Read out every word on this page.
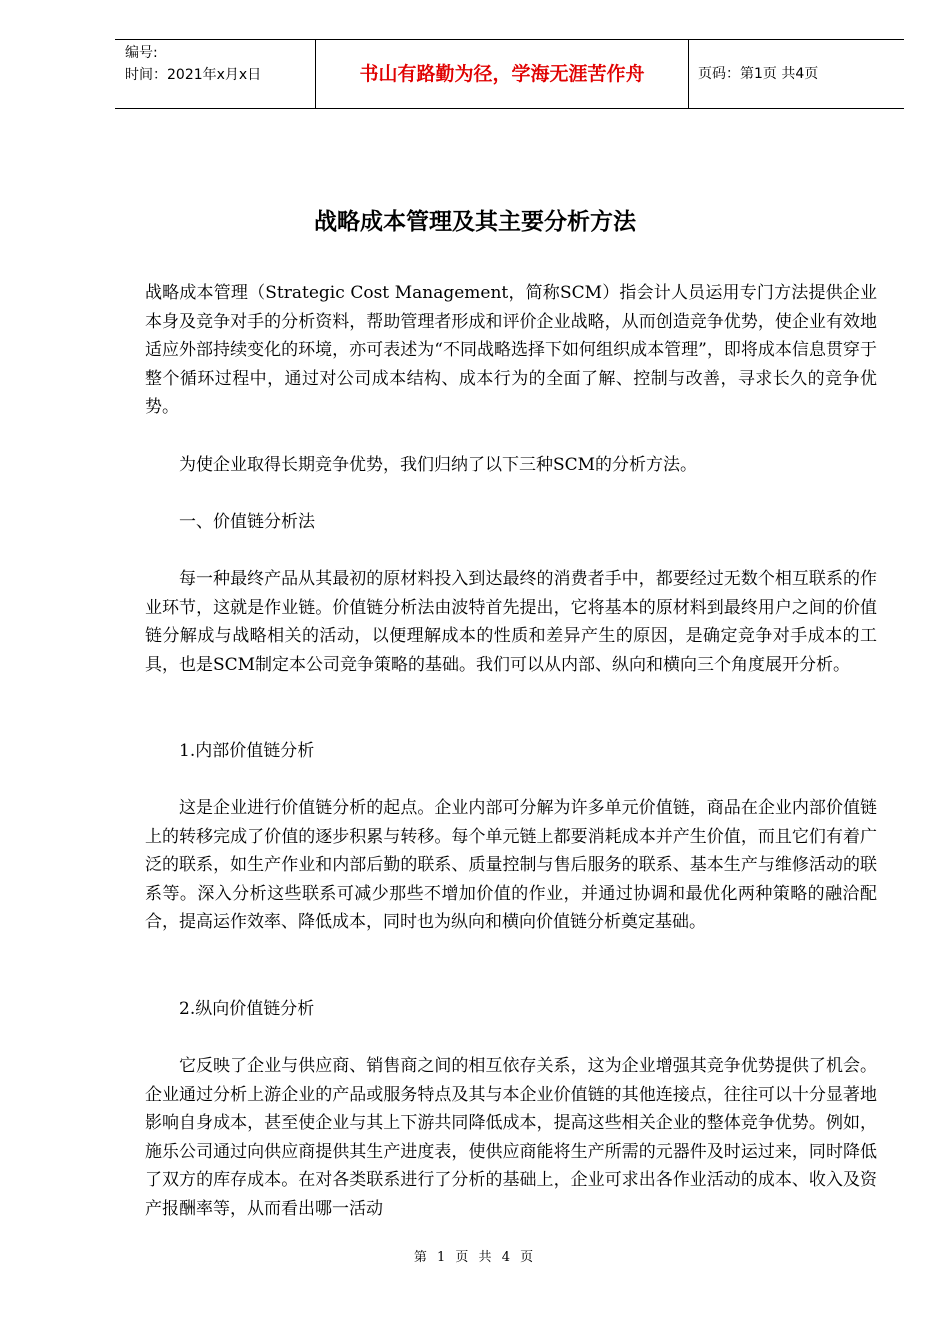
编号:
时间：2021年x月x日	书山有路勤为径，学海无涯苦作舟	页码：第1页 共4页
战略成本管理及其主要分析方法

战略成本管理（Strategic Cost Management，简称SCM）指会计人员运用专门方法提供企业本身及竞争对手的分析资料，帮助管理者形成和评价企业战略，从而创造竞争优势，使企业有效地适应外部持续变化的环境，亦可表述为“不同战略选择下如何组织成本管理”，即将成本信息贯穿于整个循环过程中，通过对公司成本结构、成本行为的全面了解、控制与改善，寻求长久的竞争优势。

为使企业取得长期竞争优势，我们归纳了以下三种SCM的分析方法。

一、价值链分析法

每一种最终产品从其最初的原材料投入到达最终的消费者手中，都要经过无数个相互联系的作业环节，这就是作业链。价值链分析法由波特首先提出，它将基本的原材料到最终用户之间的价值链分解成与战略相关的活动，以便理解成本的性质和差异产生的原因，是确定竞争对手成本的工具，也是SCM制定本公司竞争策略的基础。我们可以从内部、纵向和横向三个角度展开分析。

1.内部价值链分析

这是企业进行价值链分析的起点。企业内部可分解为许多单元价值链，商品在企业内部价值链上的转移完成了价值的逐步积累与转移。每个单元链上都要消耗成本并产生价值，而且它们有着广泛的联系，如生产作业和内部后勤的联系、质量控制与售后服务的联系、基本生产与维修活动的联系等。深入分析这些联系可减少那些不增加价值的作业，并通过协调和最优化两种策略的融洽配合，提高运作效率、降低成本，同时也为纵向和横向价值链分析奠定基础。

2.纵向价值链分析

它反映了企业与供应商、销售商之间的相互依存关系，这为企业增强其竞争优势提供了机会。企业通过分析上游企业的产品或服务特点及其与本企业价值链的其他连接点，往往可以十分显著地影响自身成本，甚至使企业与其上下游共同降低成本，提高这些相关企业的整体竞争优势。例如，施乐公司通过向供应商提供其生产进度表，使供应商能将生产所需的元器件及时运过来，同时降低了双方的库存成本。在对各类联系进行了分析的基础上，企业可求出各作业活动的成本、收入及资产报酬率等，从而看出哪一活动

第 1 页 共 4 页
